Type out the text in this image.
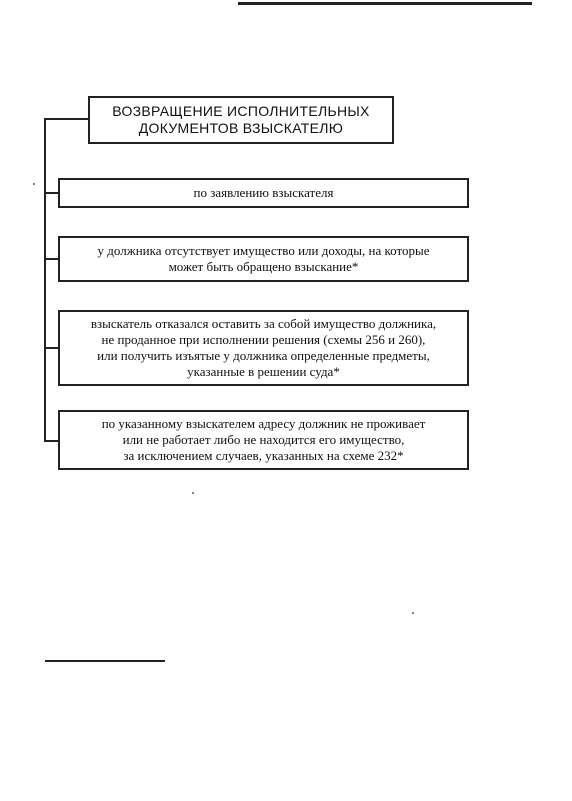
ВОЗВРАЩЕНИЕ ИСПОЛНИТЕЛЬНЫХ
ДОКУМЕНТОВ ВЗЫСКАТЕЛЮ
по заявлению взыскателя
у должника отсутствует имущество или доходы, на которые
может быть обращено взыскание*
взыскатель отказался оставить за собой имущество должника,
не проданное при исполнении решения (схемы 256 и 260),
или получить изъятые у должника определенные предметы,
указанные в решении суда*
по указанному взыскателем адресу должник не проживает
или не работает либо не находится его имущество,
за исключением случаев, указанных на схеме 232*
